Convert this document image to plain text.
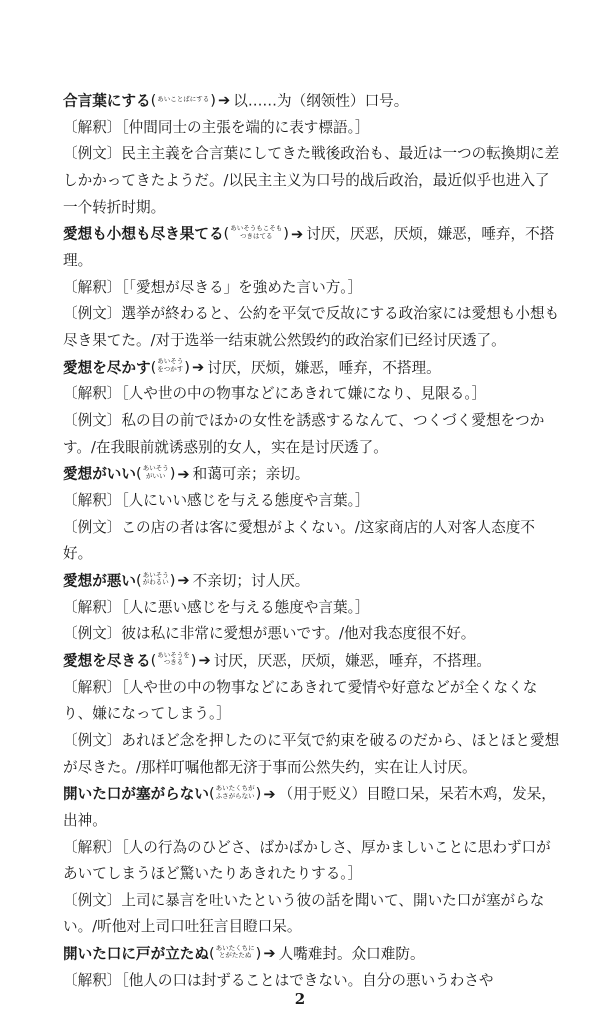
合言葉にする ( あいことばにする ) ➔ 以……为（纲领性）口号。
〔解釈〕［仲間同士の主張を端的に表す標語。］
〔例文〕民主主義を合言葉にしてきた戦後政治も、最近は一つの転換期に差しかかってきたようだ。/以民主主义为口号的战后政治，最近似乎也进入了一个转折时期。
愛想も小想も尽き果てる ( あいそうもこそも
つきはてる ) ➔ 讨厌，厌恶，厌烦，嫌恶，唾弃，不搭理。
〔解釈〕［「愛想が尽きる」を強めた言い方。］
〔例文〕選挙が終わると、公約を平気で反故にする政治家には愛想も小想も尽き果てた。/对于选举一结束就公然毁约的政治家们已经讨厌透了。
愛想を尽かす ( あいそう
をつかす ) ➔ 讨厌，厌烦，嫌恶，唾弃，不搭理。
〔解釈〕［人や世の中の物事などにあきれて嫌になり、見限る。］
〔例文〕私の目の前でほかの女性を誘惑するなんて、つくづく愛想をつかす。/在我眼前就诱惑别的女人，实在是讨厌透了。
愛想がいい ( あいそう
がいい ) ➔ 和蔼可亲；亲切。
〔解釈〕［人にいい感じを与える態度や言葉。］
〔例文〕この店の者は客に愛想がよくない。/这家商店的人对客人态度不好。
愛想が悪い ( あいそう
がわるい ) ➔ 不亲切；讨人厌。
〔解釈〕［人に悪い感じを与える態度や言葉。］
〔例文〕彼は私に非常に愛想が悪いです。/他对我态度很不好。
愛想を尽きる ( あいそうを
つきる ) ➔ 讨厌，厌恶，厌烦，嫌恶，唾弃，不搭理。
〔解釈〕［人や世の中の物事などにあきれて愛情や好意などが全くなくなり、嫌になってしまう。］
〔例文〕あれほど念を押したのに平気で約束を破るのだから、ほとほと愛想が尽きた。/那样叮嘱他都无济于事而公然失约，实在让人讨厌。
開いた口が塞がらない ( あいたくちが
ふさがらない ) ➔ （用于贬义）目瞪口呆，呆若木鸡，发呆，出神。
〔解釈〕［人の行為のひどさ、ばかばかしさ、厚かましいことに思わず口があいてしまうほど驚いたりあきれたりする。］
〔例文〕上司に暴言を吐いたという彼の話を聞いて、開いた口が塞がらない。/听他对上司口吐狂言目瞪口呆。
開いた口に戸が立たぬ ( あいたくちに
とがたたぬ ) ➔ 人嘴难封。众口难防。
〔解釈〕［他人の口は封ずることはできない。自分の悪いうわさや
2
